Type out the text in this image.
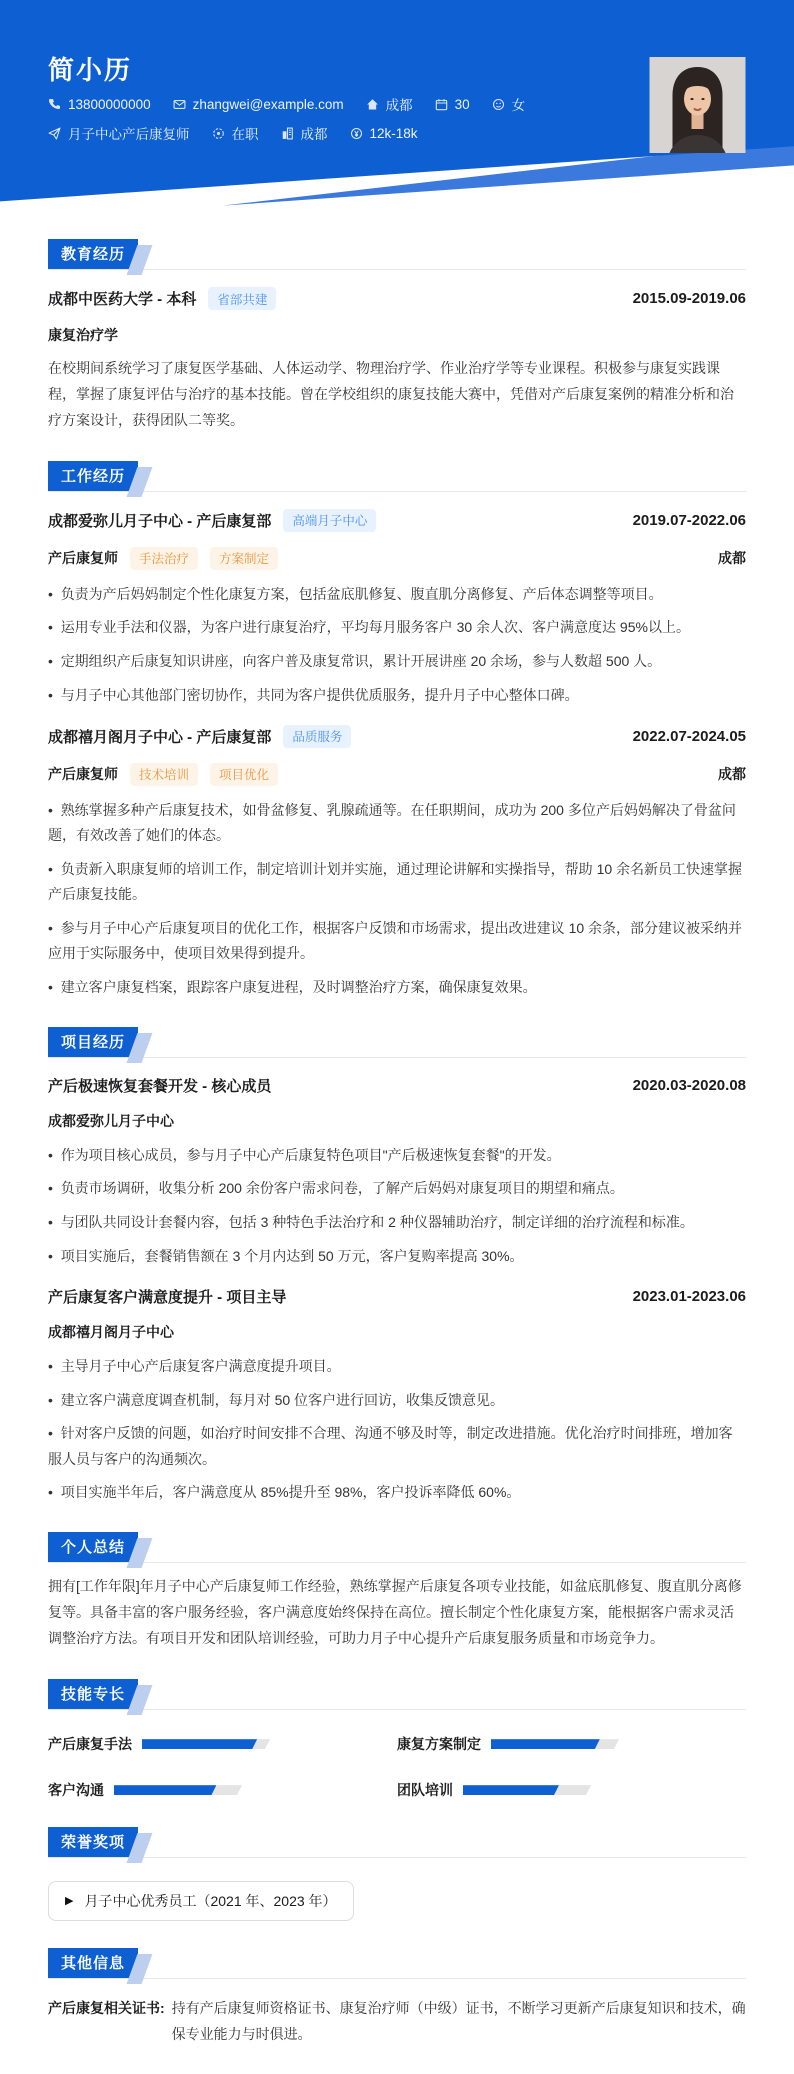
简小历
13800000000	zhangwei@example.com	成都	30	女
月子中心产后康复师	在职	成都	12k-18k
教育经历
成都中医药大学 - 本科	省部共建	2015.09-2019.06
康复治疗学
在校期间系统学习了康复医学基础、人体运动学、物理治疗学、作业治疗学等专业课程。积极参与康复实践课程，掌握了康复评估与治疗的基本技能。曾在学校组织的康复技能大赛中，凭借对产后康复案例的精准分析和治疗方案设计，获得团队二等奖。
工作经历
成都爱弥儿月子中心 - 产后康复部	高端月子中心	2019.07-2022.06
产后康复师	手法治疗	方案制定	成都
•  负责为产后妈妈制定个性化康复方案，包括盆底肌修复、腹直肌分离修复、产后体态调整等项目。
•  运用专业手法和仪器，为客户进行康复治疗，平均每月服务客户 30 余人次、客户满意度达 95%以上。
•  定期组织产后康复知识讲座，向客户普及康复常识，累计开展讲座 20 余场，参与人数超 500 人。
•  与月子中心其他部门密切协作，共同为客户提供优质服务，提升月子中心整体口碑。
成都禧月阁月子中心 - 产后康复部	品质服务	2022.07-2024.05
产后康复师	技术培训	项目优化	成都
•  熟练掌握多种产后康复技术，如骨盆修复、乳腺疏通等。在任职期间，成功为 200 多位产后妈妈解决了骨盆问题，有效改善了她们的体态。
•  负责新入职康复师的培训工作，制定培训计划并实施，通过理论讲解和实操指导，帮助 10 余名新员工快速掌握产后康复技能。
•  参与月子中心产后康复项目的优化工作，根据客户反馈和市场需求，提出改进建议 10 余条，部分建议被采纳并应用于实际服务中，使项目效果得到提升。
•  建立客户康复档案，跟踪客户康复进程，及时调整治疗方案，确保康复效果。
项目经历
产后极速恢复套餐开发 - 核心成员	2020.03-2020.08
成都爱弥儿月子中心
•  作为项目核心成员，参与月子中心产后康复特色项目"产后极速恢复套餐"的开发。
•  负责市场调研，收集分析 200 余份客户需求问卷，了解产后妈妈对康复项目的期望和痛点。
•  与团队共同设计套餐内容，包括 3 种特色手法治疗和 2 种仪器辅助治疗，制定详细的治疗流程和标准。
•  项目实施后，套餐销售额在 3 个月内达到 50 万元，客户复购率提高 30%。
产后康复客户满意度提升 - 项目主导	2023.01-2023.06
成都禧月阁月子中心
•  主导月子中心产后康复客户满意度提升项目。
•  建立客户满意度调查机制，每月对 50 位客户进行回访，收集反馈意见。
•  针对客户反馈的问题，如治疗时间安排不合理、沟通不够及时等，制定改进措施。优化治疗时间排班，增加客服人员与客户的沟通频次。
•  项目实施半年后，客户满意度从 85%提升至 98%，客户投诉率降低 60%。
个人总结
拥有[工作年限]年月子中心产后康复师工作经验，熟练掌握产后康复各项专业技能，如盆底肌修复、腹直肌分离修复等。具备丰富的客户服务经验，客户满意度始终保持在高位。擅长制定个性化康复方案，能根据客户需求灵活调整治疗方法。有项目开发和团队培训经验，可助力月子中心提升产后康复服务质量和市场竞争力。
技能专长
产后康复手法	康复方案制定
客户沟通	团队培训
荣誉奖项
▶ 月子中心优秀员工（2021 年、2023 年）
其他信息
产后康复相关证书: 持有产后康复师资格证书、康复治疗师（中级）证书，不断学习更新产后康复知识和技术，确保专业能力与时俱进。
